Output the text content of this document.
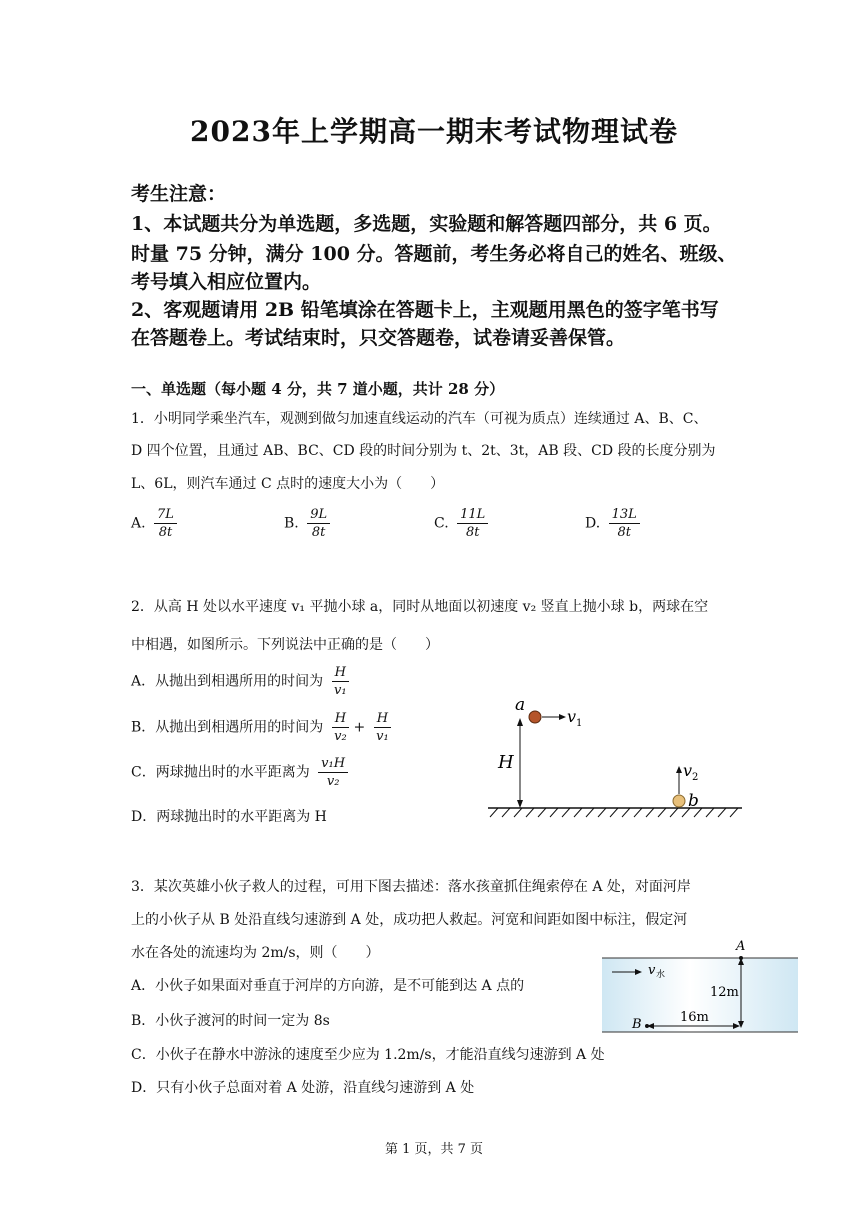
2023年上学期高一期末考试物理试卷
考生注意：
1、本试题共分为单选题，多选题，实验题和解答题四部分，共 6 页。
时量 75 分钟，满分 100 分。答题前，考生务必将自己的姓名、班级、
考号填入相应位置内。
2、客观题请用 2B 铅笔填涂在答题卡上，主观题用黑色的签字笔书写
在答题卷上。考试结束时，只交答题卷，试卷请妥善保管。
一、单选题（每小题 4 分，共 7 道小题，共计 28 分）
1．小明同学乘坐汽车，观测到做匀加速直线运动的汽车（可视为质点）连续通过 A、B、C、
D 四个位置，且通过 AB、BC、CD 段的时间分别为 t、2t、3t，AB 段、CD 段的长度分别为
L、6L，则汽车通过 C 点时的速度大小为（　　）
A. $\frac{7L}{8t}$	B. $\frac{9L}{8t}$	C. $\frac{11L}{8t}$	D. $\frac{13L}{8t}$
2．从高 H 处以水平速度 v₁ 平抛小球 a，同时从地面以初速度 v₂ 竖直上抛小球 b，两球在空
中相遇，如图所示。下列说法中正确的是（　　）
A．从抛出到相遇所用的时间为 $\frac{H}{\text{v₁}}$
B．从抛出到相遇所用的时间为 $\frac{H}{\text{v₂}} + \frac{H}{\text{v₁}}$
C．两球抛出时的水平距离为 $\frac{\text{v₁H}}{\text{v₂}}$
D．两球抛出时的水平距离为 H
H
a
v 1
b
v 2
3．某次英雄小伙子救人的过程，可用下图去描述：落水孩童抓住绳索停在 A 处，对面河岸
上的小伙子从 B 处沿直线匀速游到 A 处，成功把人救起。河宽和间距如图中标注，假定河
水在各处的流速均为 2m/s，则（　　）
A．小伙子如果面对垂直于河岸的方向游，是不可能到达 A 点的
B．小伙子渡河的时间一定为 8s
C．小伙子在静水中游泳的速度至少应为 1.2m/s，才能沿直线匀速游到 A 处
D．只有小伙子总面对着 A 处游，沿直线匀速游到 A 处
A
B
v 水
12m
16m
第 1 页，共 7 页
